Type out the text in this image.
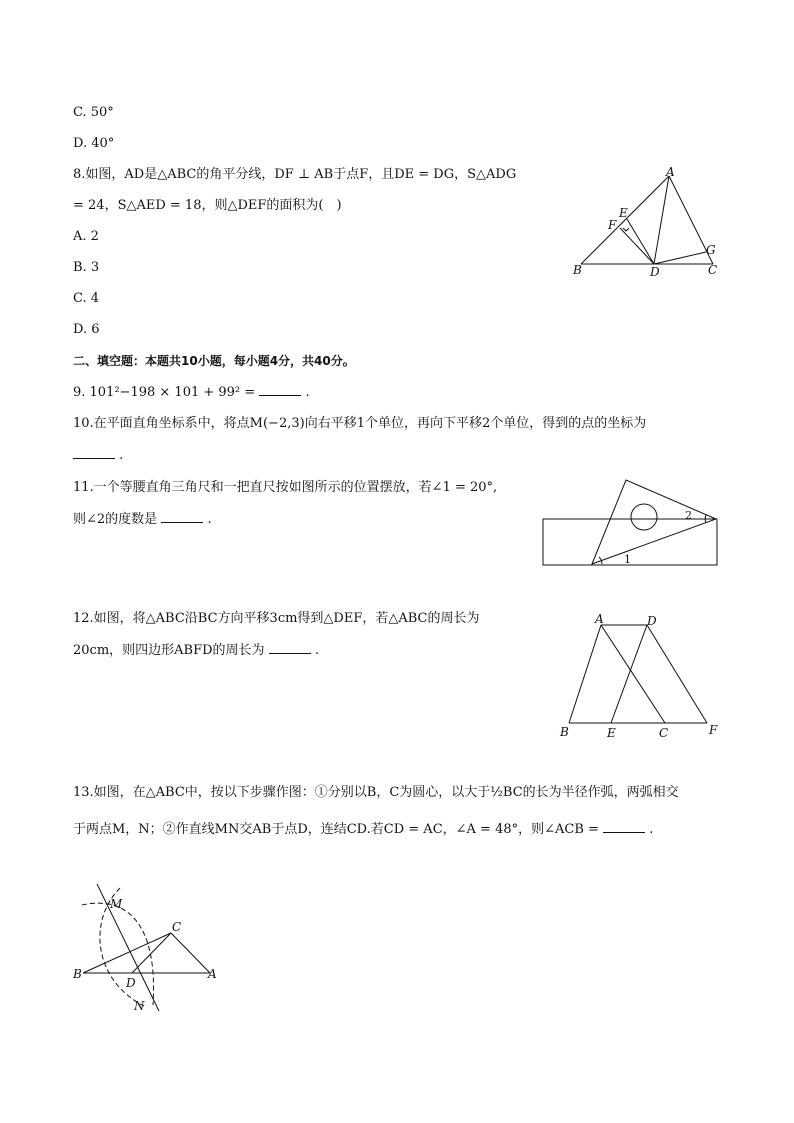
C. 50°
D. 40°
8.如图，AD是△ABC的角平分线，DF ⊥ AB于点F，且DE = DG，S△ADG
= 24，S△AED = 18，则△DEF的面积为(　)
A. 2
B. 3
C. 4
D. 6
A
B	C
D
E
F
G
二、填空题：本题共10小题，每小题4分，共40分。
9. 101²−198 × 101 + 99² =	.
10.在平面直角坐标系中，将点M(−2,3)向右平移1个单位，再向下平移2个单位，得到的点的坐标为
.
11.一个等腰直角三角尺和一把直尺按如图所示的位置摆放，若∠1 = 20°,
则∠2的度数是	.
1
2
12.如图，将△ABC沿BC方向平移3cm得到△DEF，若△ABC的周长为
20cm，则四边形ABFD的周长为	.
A	D
B	E	C	F
13.如图，在△ABC中，按以下步骤作图：①分别以B，C为圆心，以大于½BC的长为半径作弧，两弧相交
于两点M，N；②作直线MN交AB于点D，连结CD.若CD = AC，∠A = 48°，则∠ACB =	.
M
N
B
C
D
A
